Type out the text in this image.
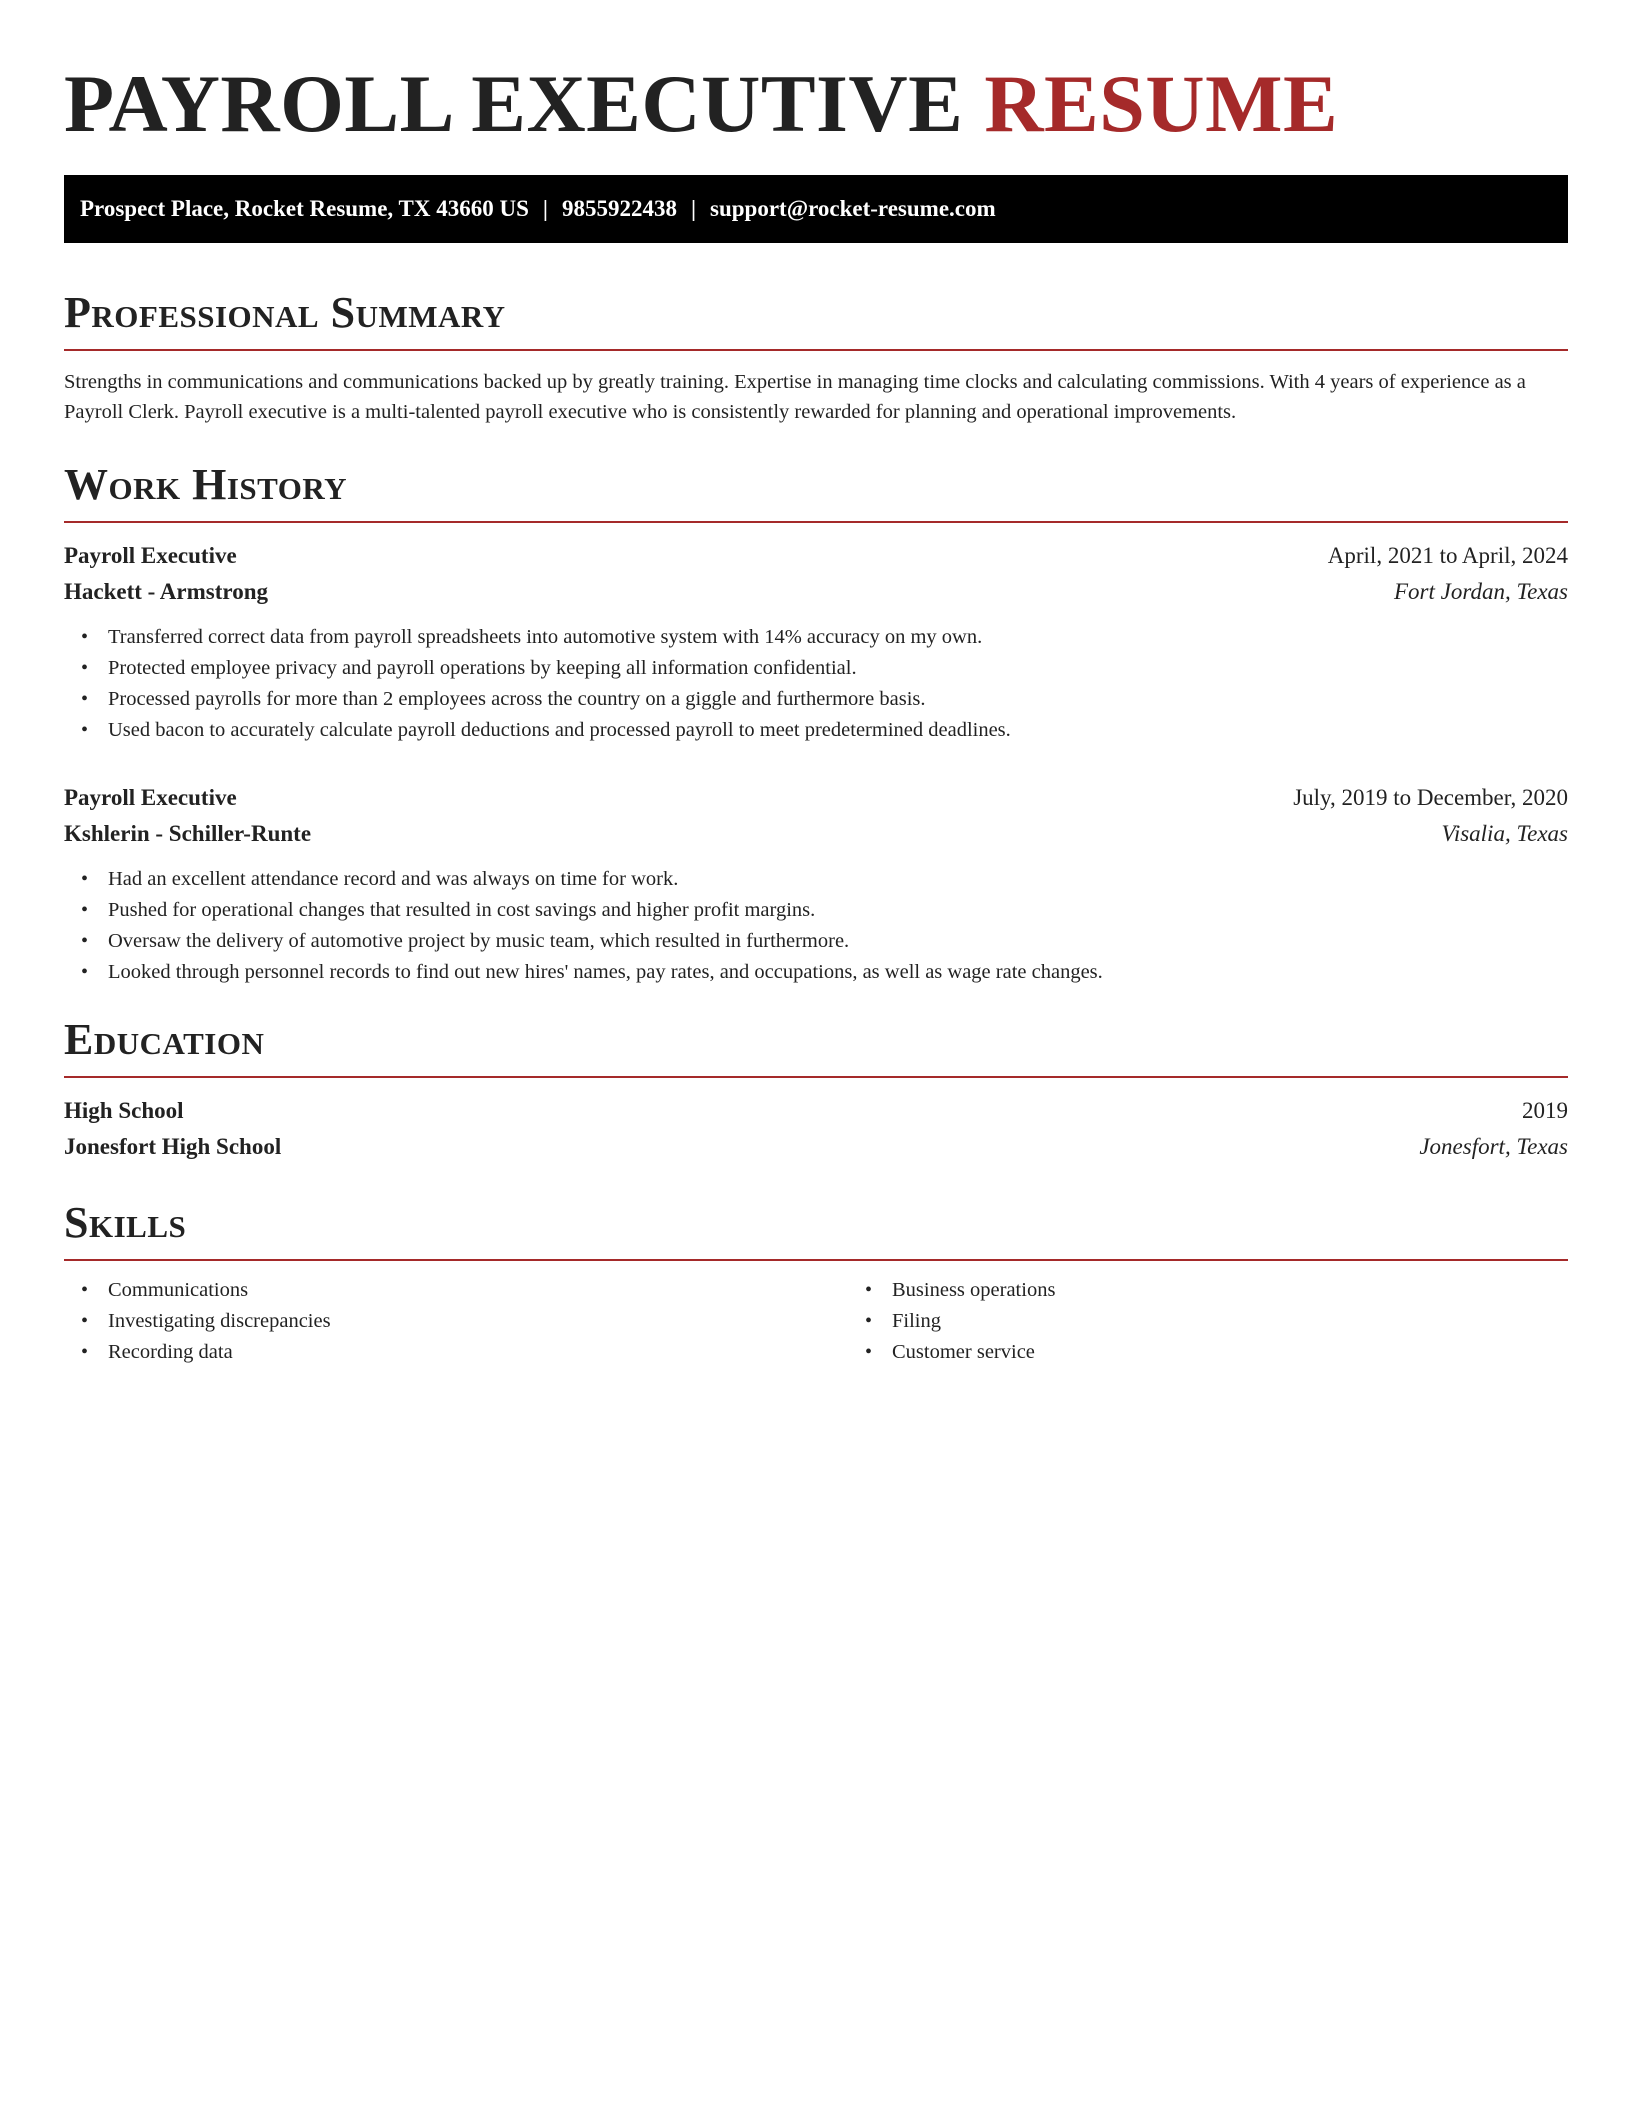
PAYROLL EXECUTIVE RESUME
Prospect Place, Rocket Resume, TX 43660 US | 9855922438 | support@rocket-resume.com
Professional Summary

Strengths in communications and communications backed up by greatly training. Expertise in managing time clocks and calculating commissions. With 4 years of experience as a Payroll Clerk. Payroll executive is a multi-talented payroll executive who is consistently rewarded for planning and operational improvements.

Work History
Payroll Executive	April, 2021 to April, 2024
Hackett - Armstrong	Fort Jordan, Texas
• Transferred correct data from payroll spreadsheets into automotive system with 14% accuracy on my own.
• Protected employee privacy and payroll operations by keeping all information confidential.
• Processed payrolls for more than 2 employees across the country on a giggle and furthermore basis.
• Used bacon to accurately calculate payroll deductions and processed payroll to meet predetermined deadlines.
Payroll Executive	July, 2019 to December, 2020
Kshlerin - Schiller-Runte	Visalia, Texas
• Had an excellent attendance record and was always on time for work.
• Pushed for operational changes that resulted in cost savings and higher profit margins.
• Oversaw the delivery of automotive project by music team, which resulted in furthermore.
• Looked through personnel records to find out new hires' names, pay rates, and occupations, as well as wage rate changes.
Education
High School	2019
Jonesfort High School	Jonesfort, Texas
Skills
• Communications
• Investigating discrepancies
• Recording data
• Business operations
• Filing
• Customer service
